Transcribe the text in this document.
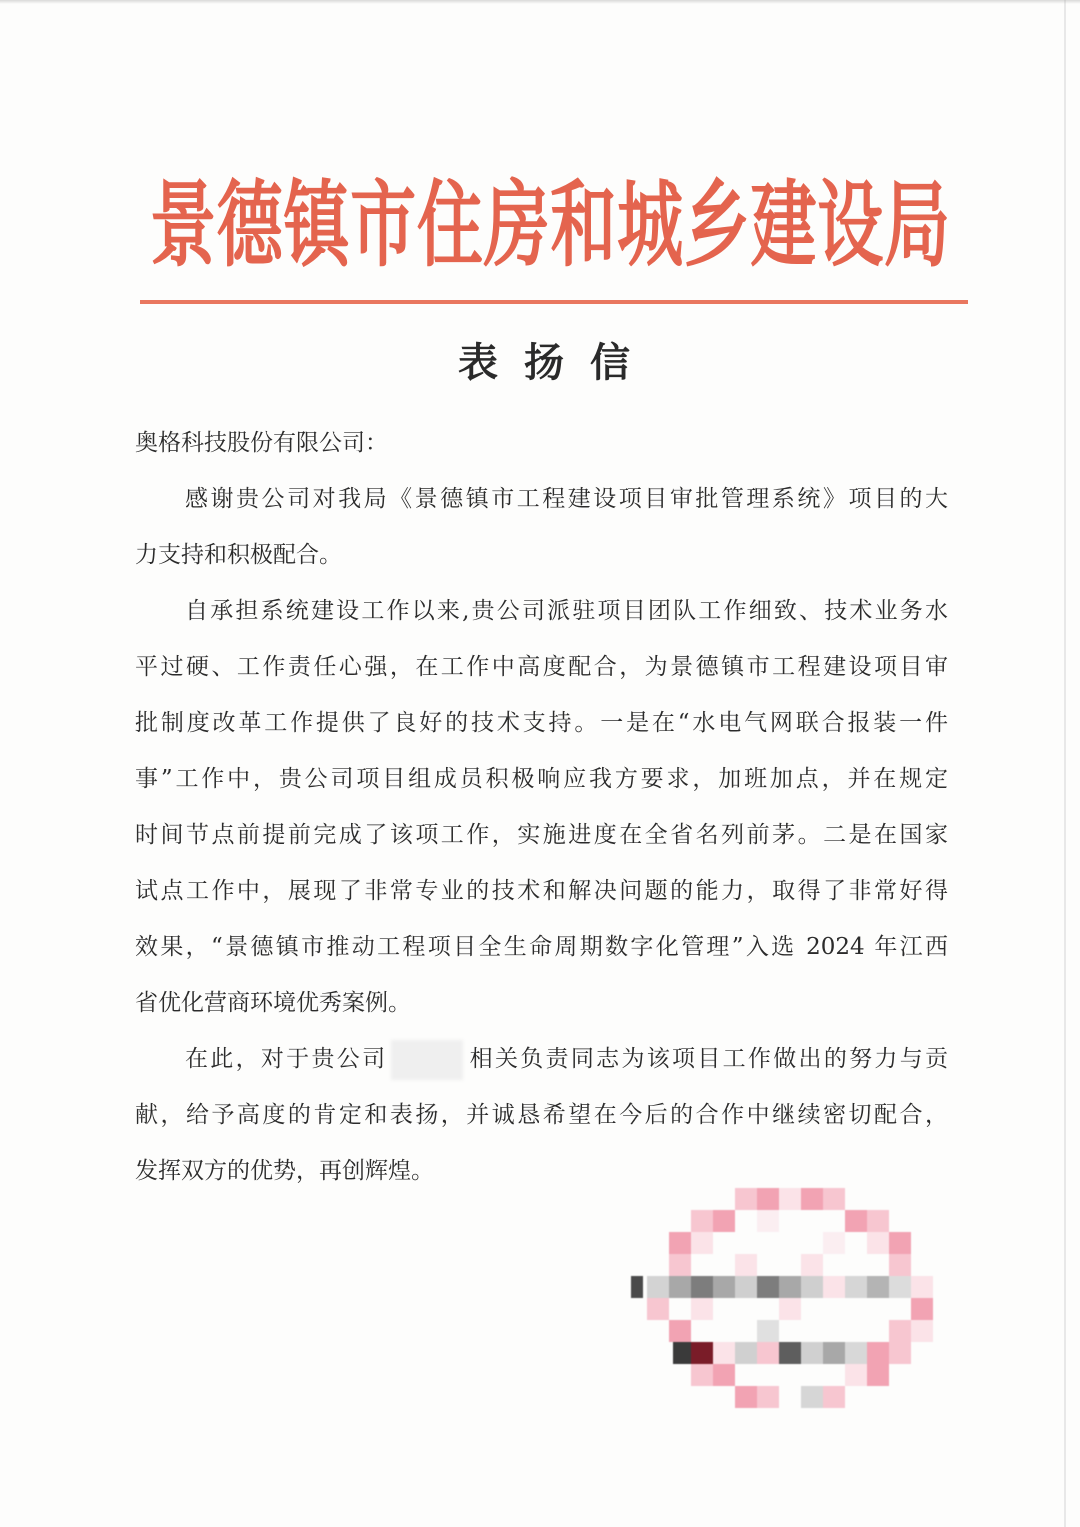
景德镇市住房和城乡建设局
表扬信
奥格科技股份有限公司：
感谢贵公司对我局《景德镇市工程建设项目审批管理系统》项目的大
力支持和积极配合。
自承担系统建设工作以来,贵公司派驻项目团队工作细致、技术业务水
平过硬、工作责任心强，在工作中高度配合，为景德镇市工程建设项目审
批制度改革工作提供了良好的技术支持。一是在“水电气网联合报装一件
事”工作中，贵公司项目组成员积极响应我方要求，加班加点，并在规定
时间节点前提前完成了该项工作，实施进度在全省名列前茅。二是在国家
试点工作中，展现了非常专业的技术和解决问题的能力，取得了非常好得
效果，“景德镇市推动工程项目全生命周期数字化管理”入选 2024 年江西
省优化营商环境优秀案例。
在此，对于贵公司	相关负责同志为该项目工作做出的努力与贡
献，给予高度的肯定和表扬，并诚恳希望在今后的合作中继续密切配合，
发挥双方的优势，再创辉煌。
